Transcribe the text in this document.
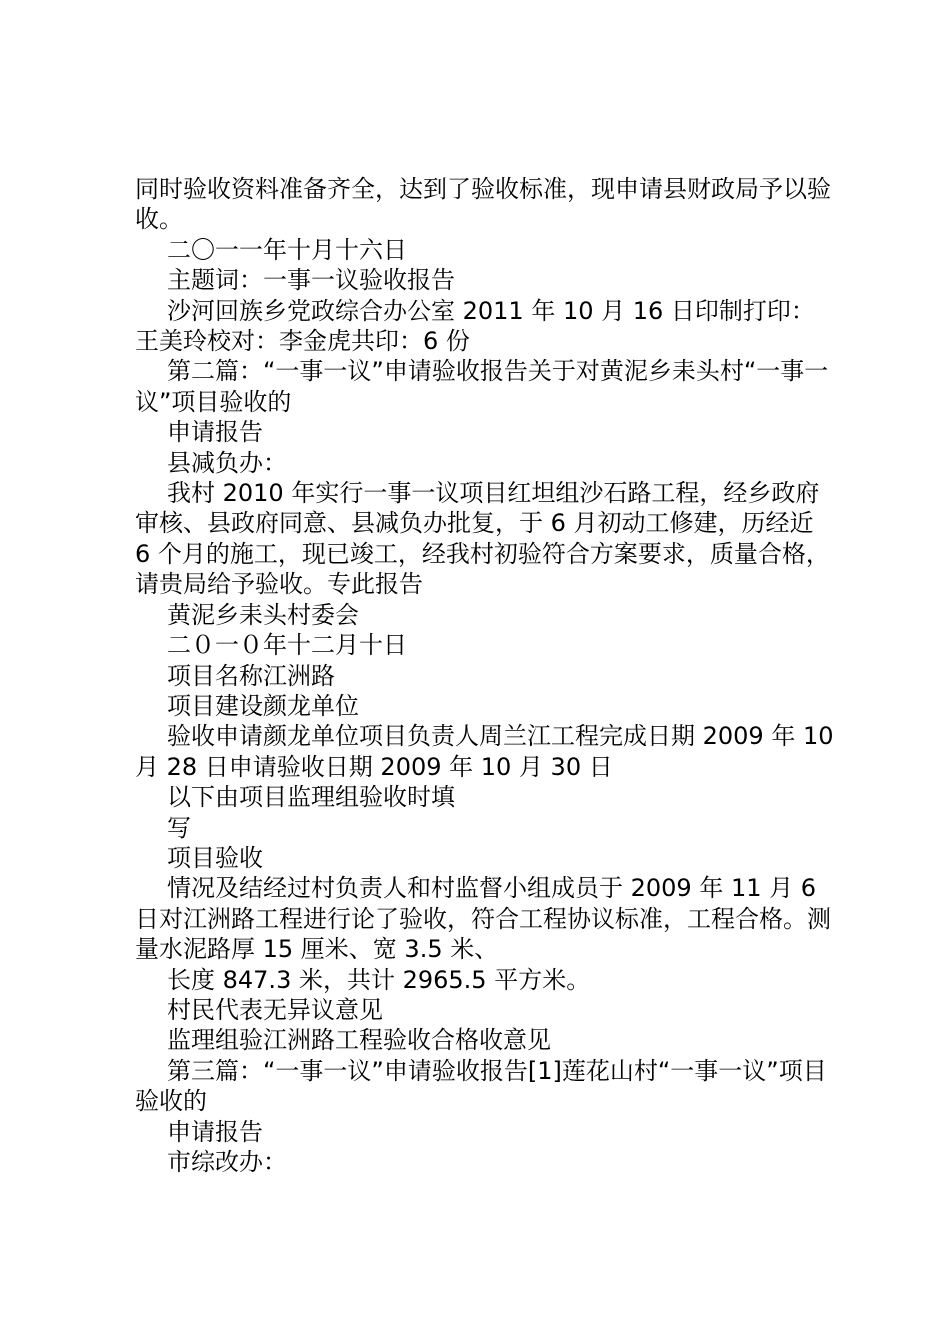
同时验收资料准备齐全，达到了验收标准，现申请县财政局予以验收。

二〇一一年十月十六日

主题词：一事一议验收报告

沙河回族乡党政综合办公室 2011 年 10 月 16 日印制打印：王美玲校对：李金虎共印：6 份

第二篇：“一事一议”申请验收报告关于对黄泥乡耒头村“一事一议”项目验收的

申请报告

县减负办：

我村 2010 年实行一事一议项目红坦组沙石路工程，经乡政府审核、县政府同意、县减负办批复，于 6 月初动工修建，历经近 6 个月的施工，现已竣工，经我村初验符合方案要求，质量合格，请贵局给予验收。专此报告

黄泥乡耒头村委会

二０一０年十二月十日

项目名称江洲路

项目建设颜龙单位

验收申请颜龙单位项目负责人周兰江工程完成日期 2009 年 10 月 28 日申请验收日期 2009 年 10 月 30 日

以下由项目监理组验收时填

写

项目验收

情况及结经过村负责人和村监督小组成员于 2009 年 11 月 6 日对江洲路工程进行论了验收，符合工程协议标准，工程合格。测量水泥路厚 15 厘米、宽 3.5 米、

长度 847.3 米，共计 2965.5 平方米。

村民代表无异议意见

监理组验江洲路工程验收合格收意见

第三篇：“一事一议”申请验收报告[1]莲花山村“一事一议”项目验收的

申请报告

市综改办：
